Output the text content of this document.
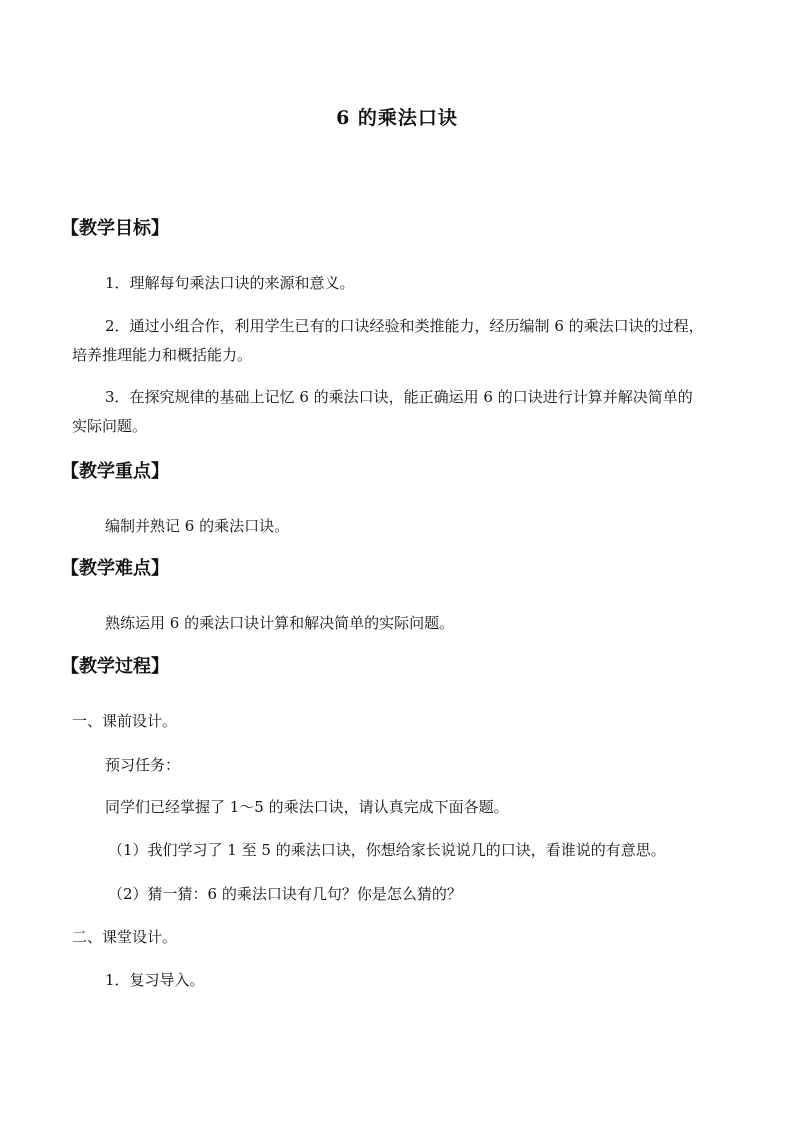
6 的乘法口诀
【教学目标】
1．理解每句乘法口诀的来源和意义。
2．通过小组合作，利用学生已有的口诀经验和类推能力，经历编制 6 的乘法口诀的过程，
培养推理能力和概括能力。
3．在探究规律的基础上记忆 6 的乘法口诀，能正确运用 6 的口诀进行计算并解决简单的
实际问题。
【教学重点】
编制并熟记 6 的乘法口诀。
【教学难点】
熟练运用 6 的乘法口诀计算和解决简单的实际问题。
【教学过程】
一、课前设计。
预习任务：
同学们已经掌握了 1～5 的乘法口诀，请认真完成下面各题。
（1）我们学习了 1 至 5 的乘法口诀，你想给家长说说几的口诀，看谁说的有意思。
（2）猜一猜：6 的乘法口诀有几句？你是怎么猜的？
二、课堂设计。
1．复习导入。
